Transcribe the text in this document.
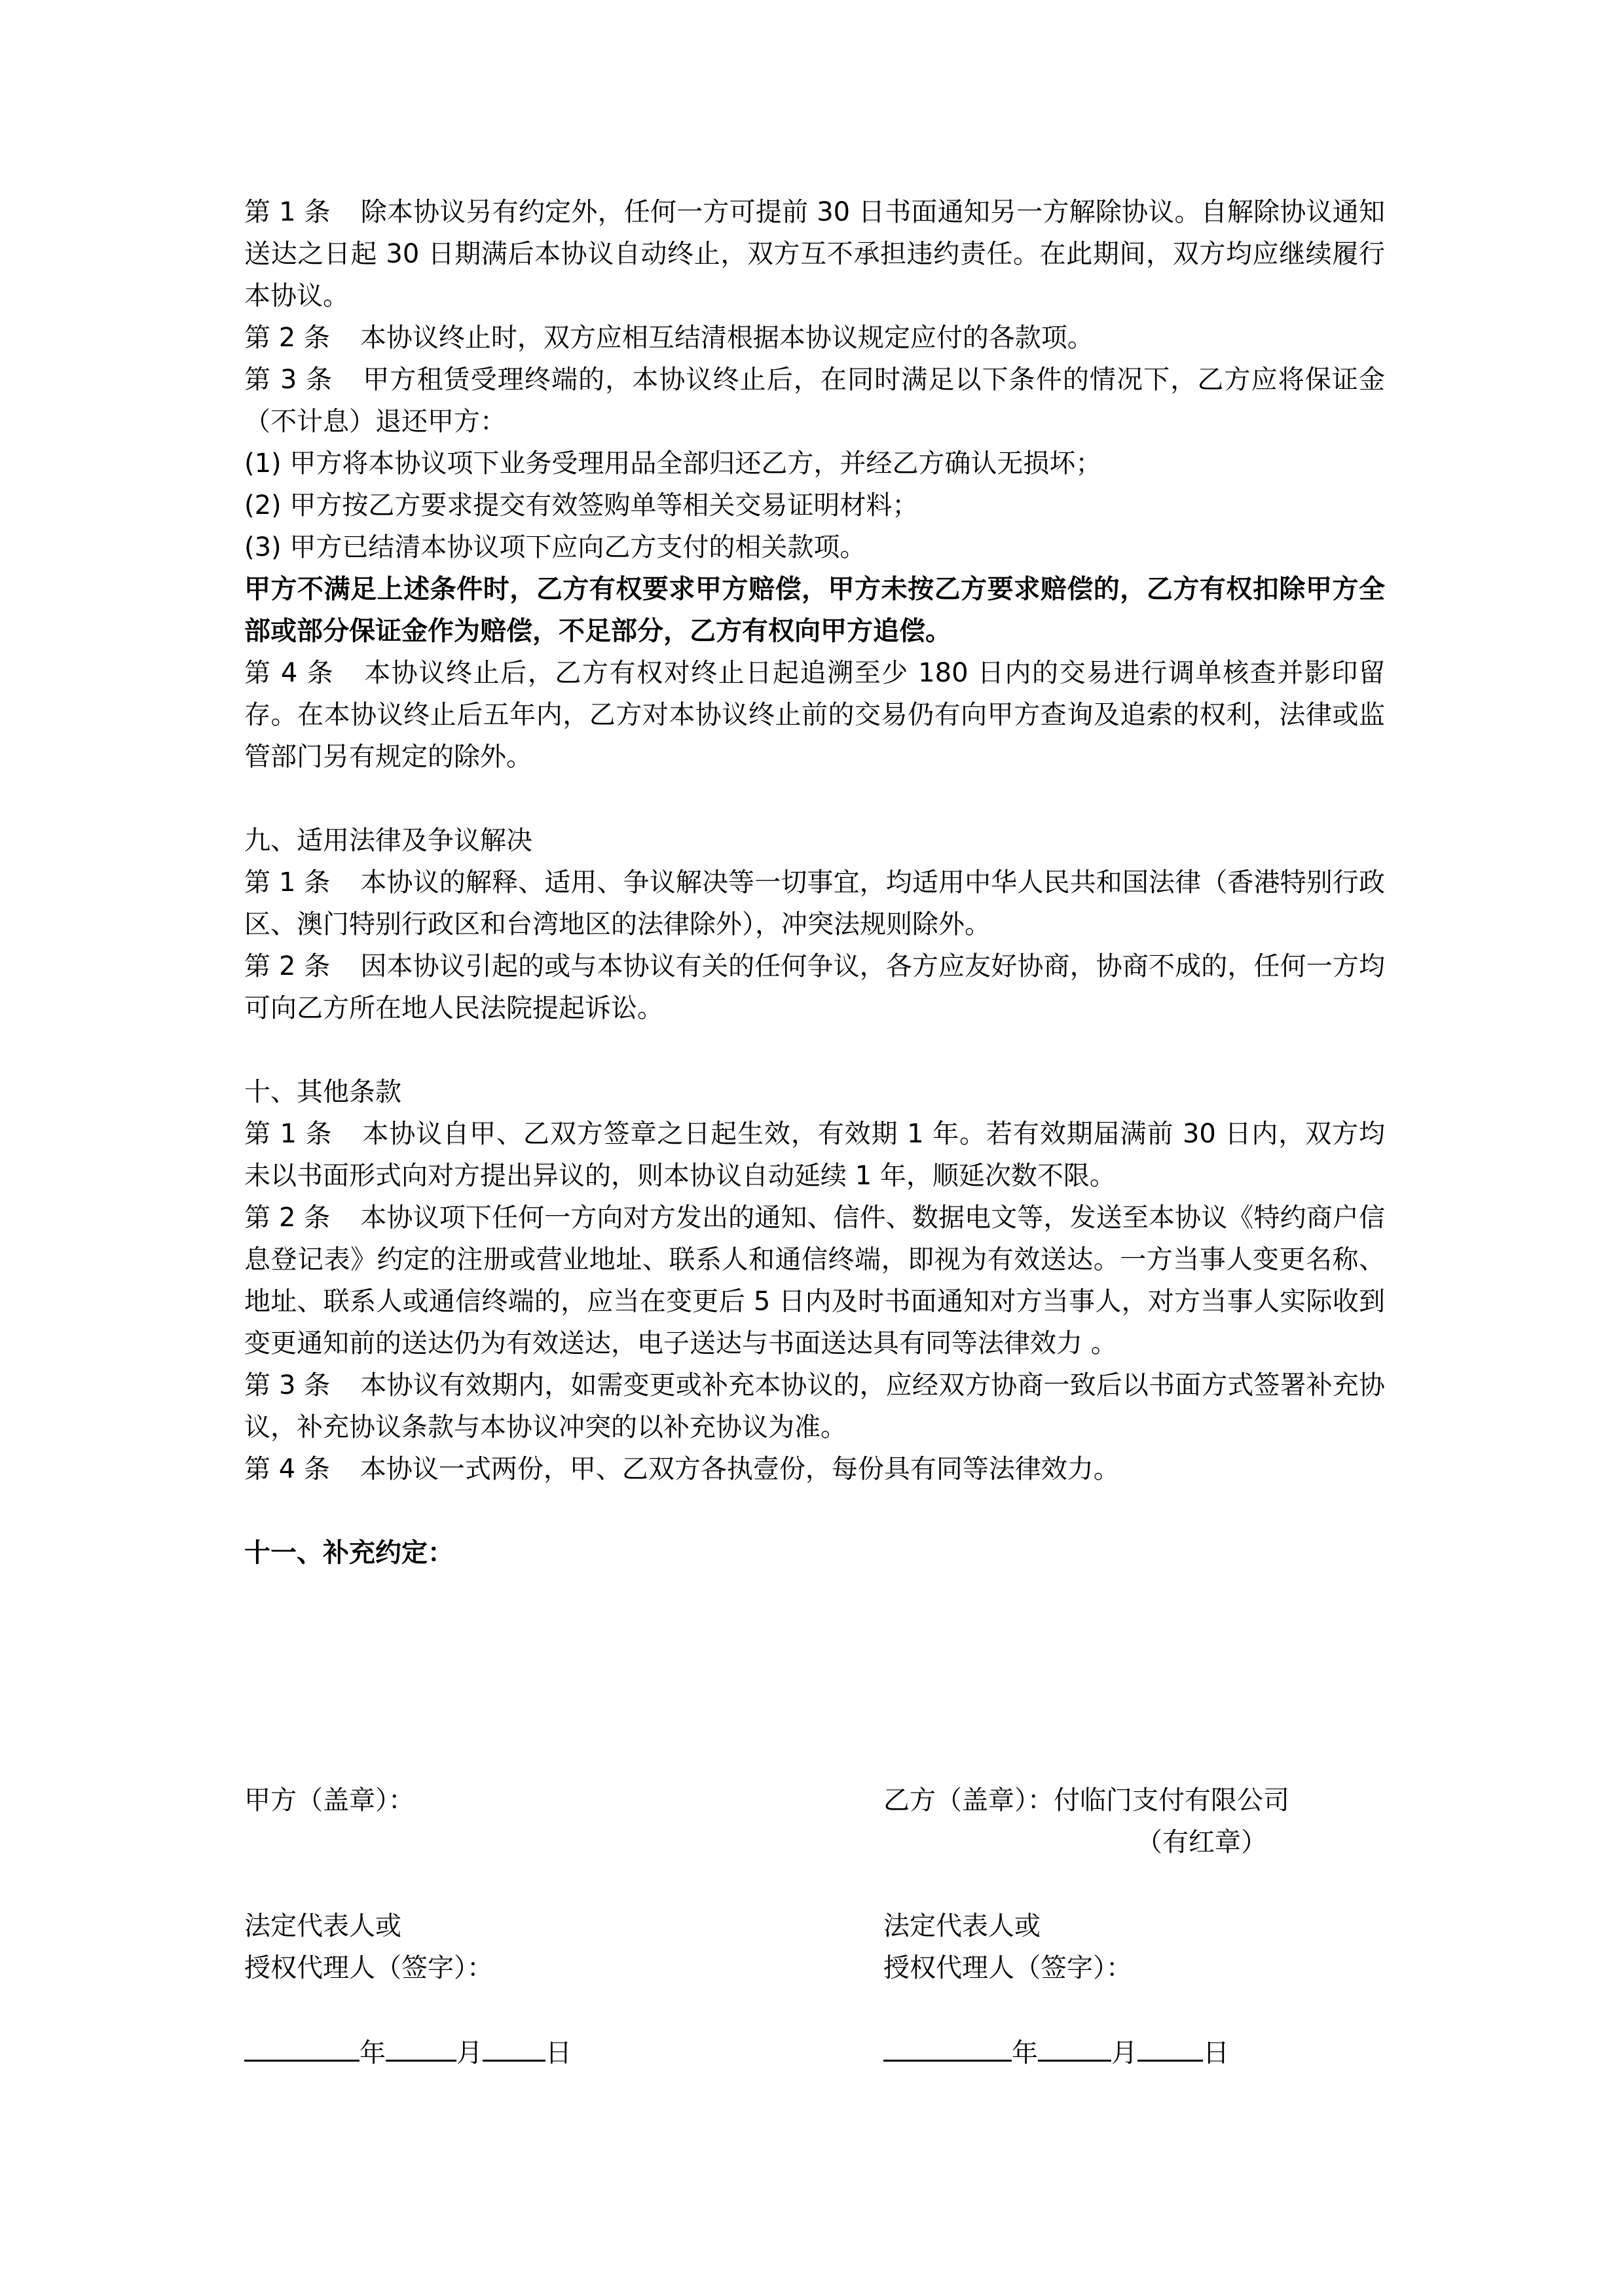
第 1 条 除本协议另有约定外，任何一方可提前 30 日书面通知另一方解除协议。自解除协议通知送达之日起 30 日期满后本协议自动终止，双方互不承担违约责任。在此期间，双方均应继续履行本协议。
第 2 条 本协议终止时，双方应相互结清根据本协议规定应付的各款项。
第 3 条 甲方租赁受理终端的，本协议终止后，在同时满足以下条件的情况下，乙方应将保证金（不计息）退还甲方：
(1) 甲方将本协议项下业务受理用品全部归还乙方，并经乙方确认无损坏；
(2) 甲方按乙方要求提交有效签购单等相关交易证明材料；
(3) 甲方已结清本协议项下应向乙方支付的相关款项。
甲方不满足上述条件时，乙方有权要求甲方赔偿，甲方未按乙方要求赔偿的，乙方有权扣除甲方全部或部分保证金作为赔偿，不足部分，乙方有权向甲方追偿。
第 4 条 本协议终止后，乙方有权对终止日起追溯至少 180 日内的交易进行调单核查并影印留存。在本协议终止后五年内，乙方对本协议终止前的交易仍有向甲方查询及追索的权利，法律或监管部门另有规定的除外。
九、适用法律及争议解决
第 1 条 本协议的解释、适用、争议解决等一切事宜，均适用中华人民共和国法律（香港特别行政区、澳门特别行政区和台湾地区的法律除外），冲突法规则除外。
第 2 条 因本协议引起的或与本协议有关的任何争议，各方应友好协商，协商不成的，任何一方均可向乙方所在地人民法院提起诉讼。
十、其他条款
第 1 条 本协议自甲、乙双方签章之日起生效，有效期 1 年。若有效期届满前 30 日内，双方均未以书面形式向对方提出异议的，则本协议自动延续 1 年，顺延次数不限。
第 2 条 本协议项下任何一方向对方发出的通知、信件、数据电文等，发送至本协议《特约商户信息登记表》约定的注册或营业地址、联系人和通信终端，即视为有效送达。一方当事人变更名称、地址、联系人或通信终端的，应当在变更后 5 日内及时书面通知对方当事人，对方当事人实际收到变更通知前的送达仍为有效送达，电子送达与书面送达具有同等法律效力 。
第 3 条 本协议有效期内，如需变更或补充本协议的，应经双方协商一致后以书面方式签署补充协议，补充协议条款与本协议冲突的以补充协议为准。
第 4 条 本协议一式两份，甲、乙双方各执壹份，每份具有同等法律效力。
十一、补充约定：
甲方（盖章）：	乙方（盖章）：付临门支付有限公司
（有红章）
法定代表人或
授权代理人（签字）：
法定代表人或
授权代理人（签字）：
年	月 日	年	月	日
